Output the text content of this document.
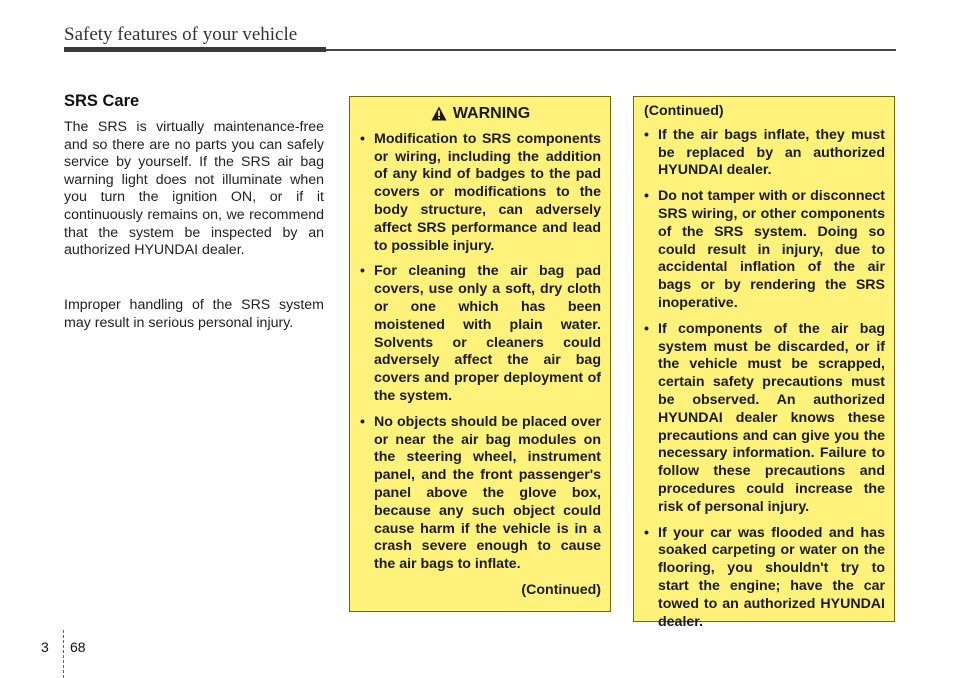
Safety features of your vehicle
SRS Care

The SRS is virtually maintenance-free and so there are no parts you can safely service by yourself. If the SRS air bag warning light does not illuminate when you turn the ignition ON, or if it continuously remains on, we recommend that the system be inspected by an authorized HYUNDAI dealer.

Improper handling of the SRS system may result in serious personal injury.

WARNING
• Modification to SRS components or wiring, including the addition of any kind of badges to the pad covers or modifications to the body structure, can adversely affect SRS performance and lead to possible injury.
• For cleaning the air bag pad covers, use only a soft, dry cloth or one which has been moistened with plain water. Solvents or cleaners could adversely affect the air bag covers and proper deployment of the system.
• No objects should be placed over or near the air bag modules on the steering wheel, instrument panel, and the front passenger's panel above the glove box, because any such object could cause harm if the vehicle is in a crash severe enough to cause the air bags to inflate.
(Continued)
(Continued)
• If the air bags inflate, they must be replaced by an authorized HYUNDAI dealer.
• Do not tamper with or disconnect SRS wiring, or other components of the SRS system. Doing so could result in injury, due to accidental inflation of the air bags or by rendering the SRS inoperative.
• If components of the air bag system must be discarded, or if the vehicle must be scrapped, certain safety precautions must be observed. An authorized HYUNDAI dealer knows these precautions and can give you the necessary information. Failure to follow these precautions and procedures could increase the risk of personal injury.
• If your car was flooded and has soaked carpeting or water on the flooring, you shouldn't try to start the engine; have the car towed to an authorized HYUNDAI dealer.
3 68
